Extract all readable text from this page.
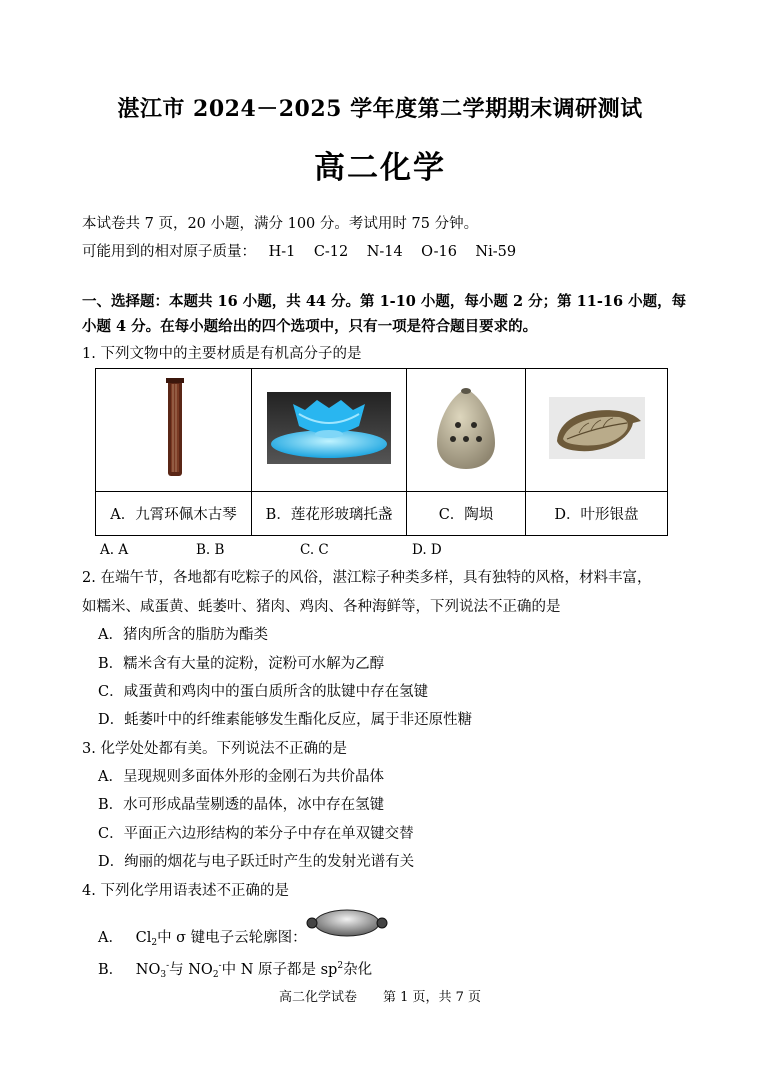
湛江市 2024－2025 学年度第二学期期末调研测试
高二化学
本试卷共 7 页，20 小题，满分 100 分。考试用时 75 分钟。
可能用到的相对原子质量： H-1    C-12    N-14    O-16    Ni-59
一、选择题：本题共 16 小题，共 44 分。第 1-10 小题，每小题 2 分；第 11-16 小题，每
小题 4 分。在每小题给出的四个选项中，只有一项是符合题目要求的。
1. 下列文物中的主要材质是有机高分子的是

A．九霄环佩木古琴	B．莲花形玻璃托盏	C．陶埙	D．叶形银盘
A. A	B. B	C. C	D. D
2. 在端午节，各地都有吃粽子的风俗，湛江粽子种类多样，具有独特的风格，材料丰富，
如糯米、咸蛋黄、蚝萎叶、猪肉、鸡肉、各种海鲜等，下列说法不正确的是
A．猪肉所含的脂肪为酯类
B．糯米含有大量的淀粉，淀粉可水解为乙醇
C．咸蛋黄和鸡肉中的蛋白质所含的肽键中存在氢键
D．蚝萎叶中的纤维素能够发生酯化反应，属于非还原性糖
3. 化学处处都有美。下列说法不正确的是
A．呈现规则多面体外形的金刚石为共价晶体
B．水可形成晶莹剔透的晶体，冰中存在氢键
C．平面正六边形结构的苯分子中存在单双键交替
D．绚丽的烟花与电子跃迁时产生的发射光谱有关
4. 下列化学用语表述不正确的是
A． $Cl_2$中 σ 键电子云轮廓图：
B． $NO_3^-$与 $NO_2^-$中 N 原子都是 $sp^2$杂化
高二化学试卷　　第 1 页，共 7 页
